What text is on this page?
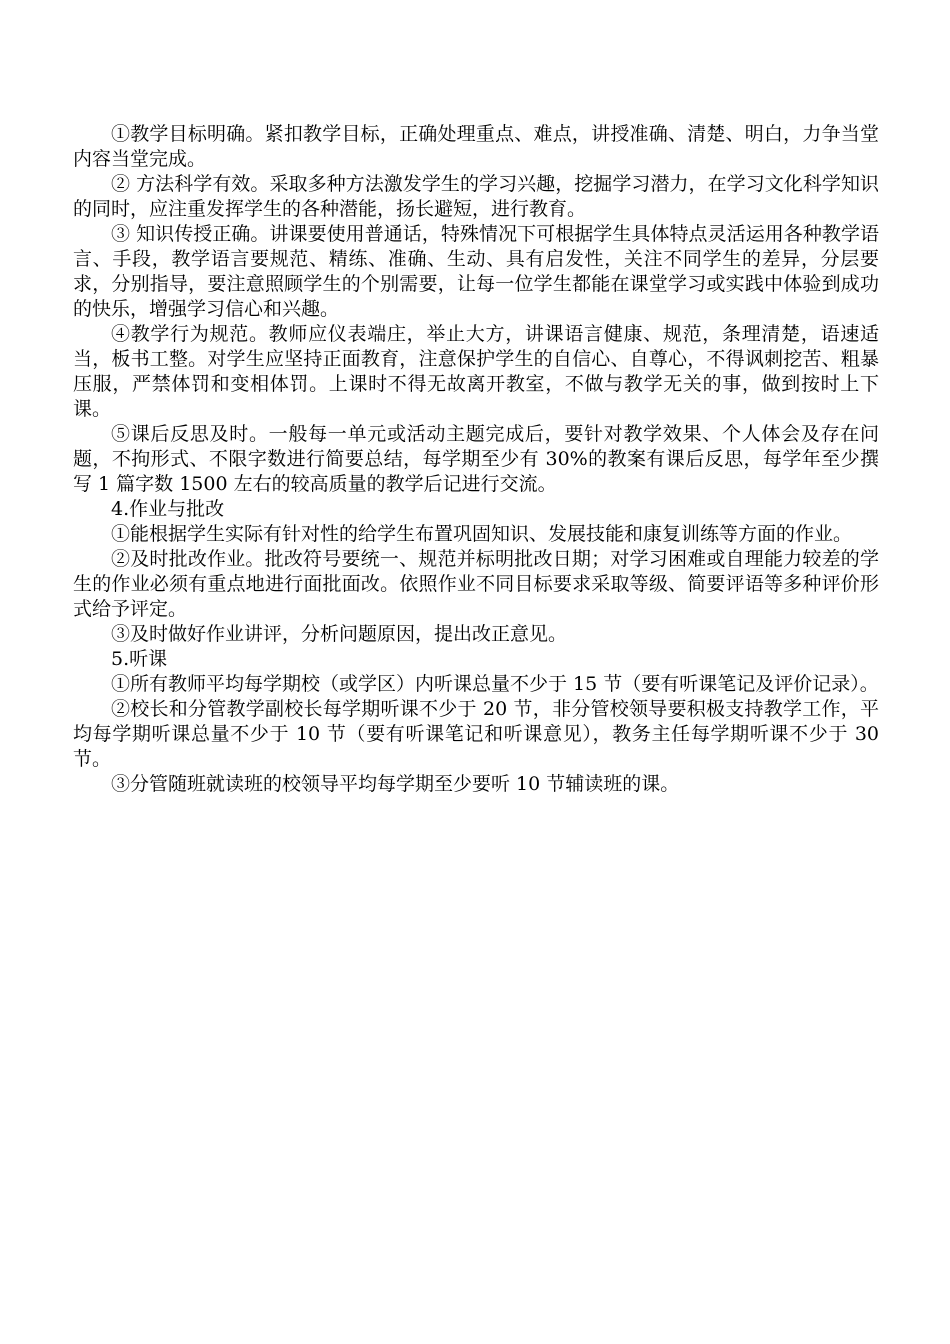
①教学目标明确。紧扣教学目标，正确处理重点、难点，讲授准确、清楚、明白，力争当堂内容当堂完成。

② 方法科学有效。采取多种方法激发学生的学习兴趣，挖掘学习潜力，在学习文化科学知识的同时，应注重发挥学生的各种潜能，扬长避短，进行教育。

③ 知识传授正确。讲课要使用普通话，特殊情况下可根据学生具体特点灵活运用各种教学语言、手段，教学语言要规范、精练、准确、生动、具有启发性，关注不同学生的差异，分层要求，分别指导，要注意照顾学生的个别需要，让每一位学生都能在课堂学习或实践中体验到成功的快乐，增强学习信心和兴趣。

④教学行为规范。教师应仪表端庄，举止大方，讲课语言健康、规范，条理清楚，语速适当，板书工整。对学生应坚持正面教育，注意保护学生的自信心、自尊心，不得讽刺挖苦、粗暴压服，严禁体罚和变相体罚。上课时不得无故离开教室，不做与教学无关的事，做到按时上下课。

⑤课后反思及时。一般每一单元或活动主题完成后，要针对教学效果、个人体会及存在问题，不拘形式、不限字数进行简要总结，每学期至少有 30%的教案有课后反思，每学年至少撰写 1 篇字数 1500 左右的较高质量的教学后记进行交流。

4.作业与批改

①能根据学生实际有针对性的给学生布置巩固知识、发展技能和康复训练等方面的作业。

②及时批改作业。批改符号要统一、规范并标明批改日期；对学习困难或自理能力较差的学生的作业必须有重点地进行面批面改。依照作业不同目标要求采取等级、简要评语等多种评价形式给予评定。

③及时做好作业讲评，分析问题原因，提出改正意见。

5.听课

①所有教师平均每学期校（或学区）内听课总量不少于 15 节（要有听课笔记及评价记录）。

②校长和分管教学副校长每学期听课不少于 20 节，非分管校领导要积极支持教学工作，平均每学期听课总量不少于 10 节（要有听课笔记和听课意见），教务主任每学期听课不少于 30 节。

③分管随班就读班的校领导平均每学期至少要听 10 节辅读班的课。
